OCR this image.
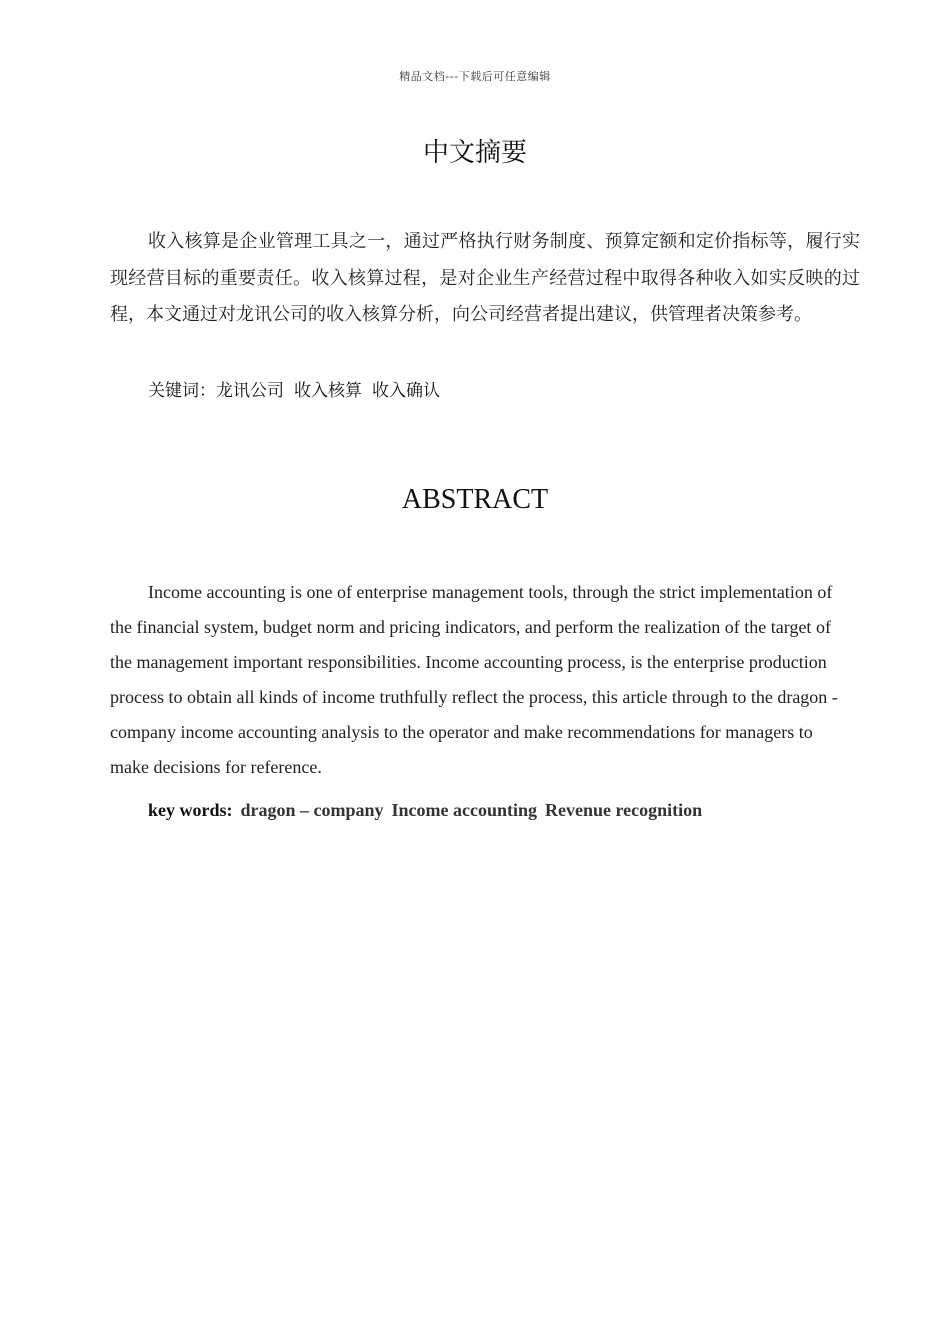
精品文档---下载后可任意编辑
中文摘要

收入核算是企业管理工具之一，通过严格执行财务制度、预算定额和定价指标等，履行实现经营目标的重要责任。收入核算过程，是对企业生产经营过程中取得各种收入如实反映的过程，本文通过对龙讯公司的收入核算分析，向公司经营者提出建议，供管理者决策参考。

关键词：龙讯公司 收入核算 收入确认
ABSTRACT

Income accounting is one of enterprise management tools, through the strict implementation of the financial system, budget norm and pricing indicators, and perform the realization of the target of the management important responsibilities. Income accounting process, is the enterprise production process to obtain all kinds of income truthfully reflect the process, this article through to the dragon - company income accounting analysis to the operator and make recommendations for managers to make decisions for reference.

key words: dragon – company Income accounting Revenue recognition
